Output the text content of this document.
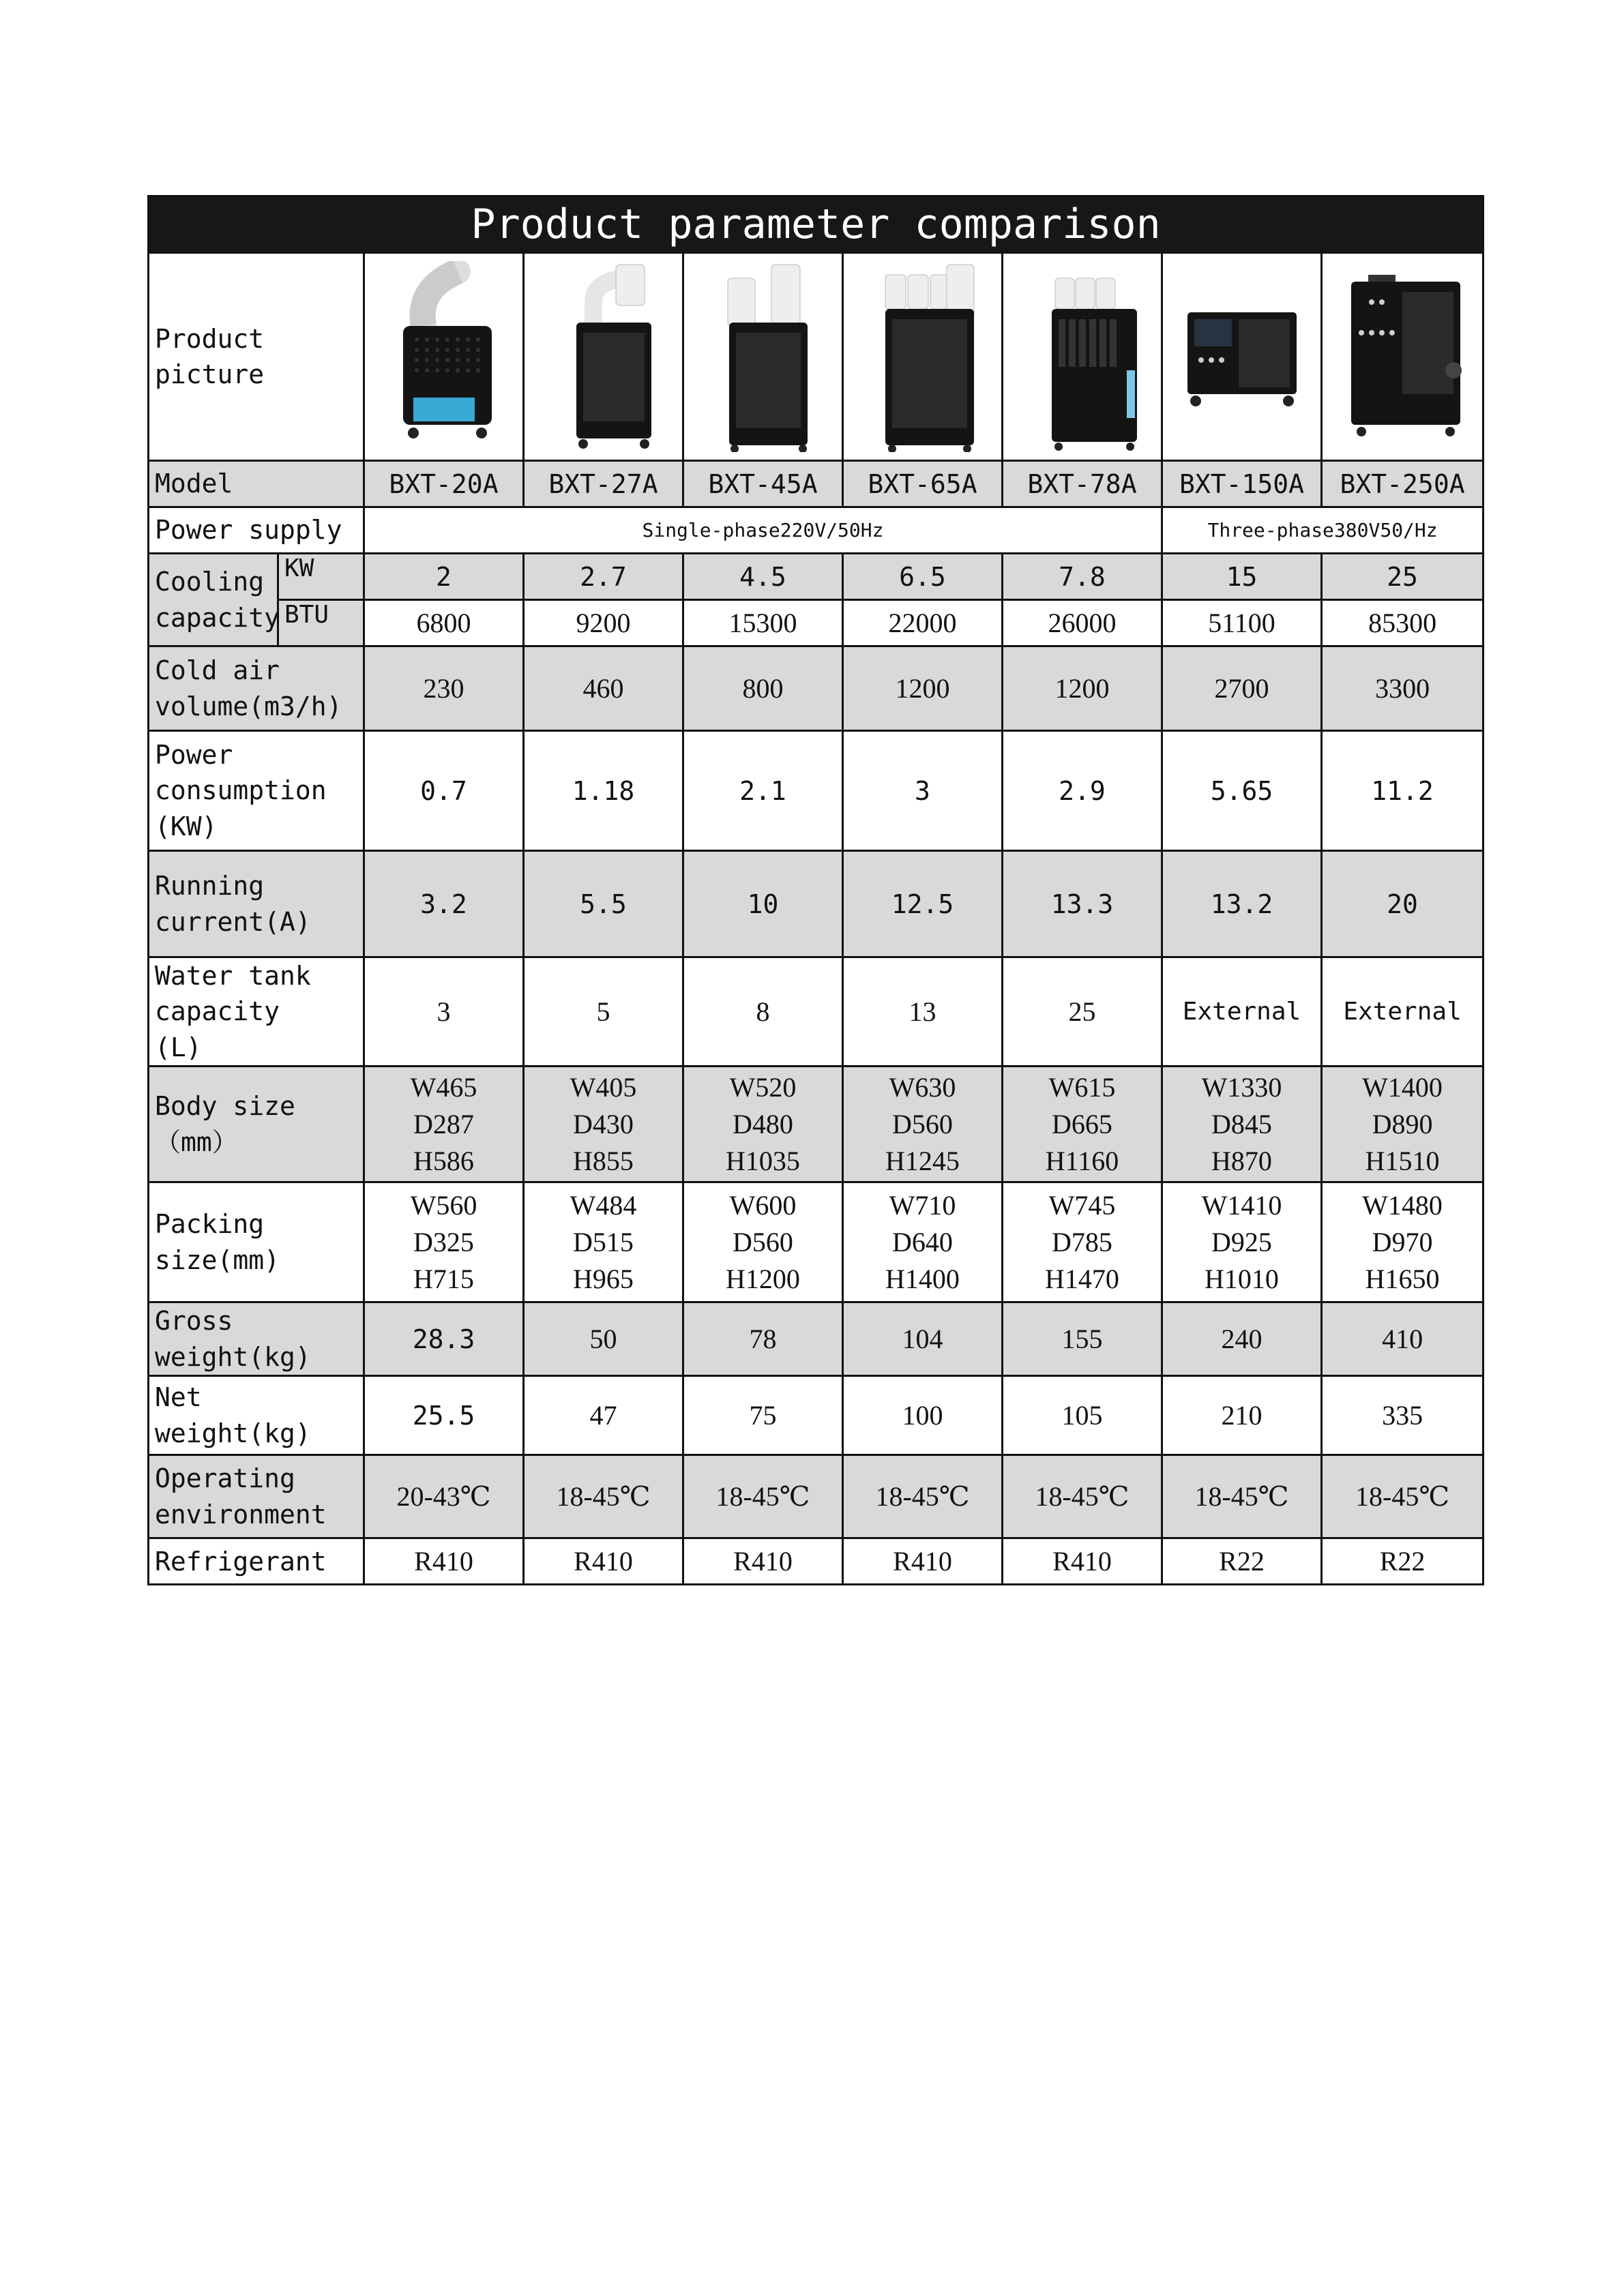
Product parameter comparison								
Product picture	

Model		BXT-20A	BXT-27A	BXT-45A	BXT-65A	BXT-78A	BXT-150A	BXT-250A
Power supply		Single-phase220V/50Hz					Three-phase380V50/Hz	
Cooling capacity	KW	2	2.7	4.5	6.5	7.8	15	25
	BTU	6800	9200	15300	22000	26000	51100	85300
Cold air volume(m3/h)		230	460	800	1200	1200	2700	3300
Power consumption (KW)		0.7	1.18	2.1	3	2.9	5.65	11.2
Running current(A)		3.2	5.5	10	12.5	13.3	13.2	20
Water tank capacity (L)		3	5	8	13	25	External	External
Body size（mm）		W465
D287
H586	W405
D430
H855	W520
D480
H1035	W630
D560
H1245	W615
D665
H1160	W1330
D845
H870	W1400
D890
H1510

Packing size(mm)		W560
D325
H715	W484
D515
H965	W600
D560
H1200	W710
D640
H1400	W745
D785
H1470	W1410
D925
H1010	W1480
D970
H1650

Gross weight(kg)		28.3	50	78	104	155	240	410
Net weight(kg)		25.5	47	75	100	105	210	335
Operating environment		20-43℃	18-45℃	18-45℃	18-45℃	18-45℃	18-45℃	18-45℃
Refrigerant		R410	R410	R410	R410	R410	R22	R22
